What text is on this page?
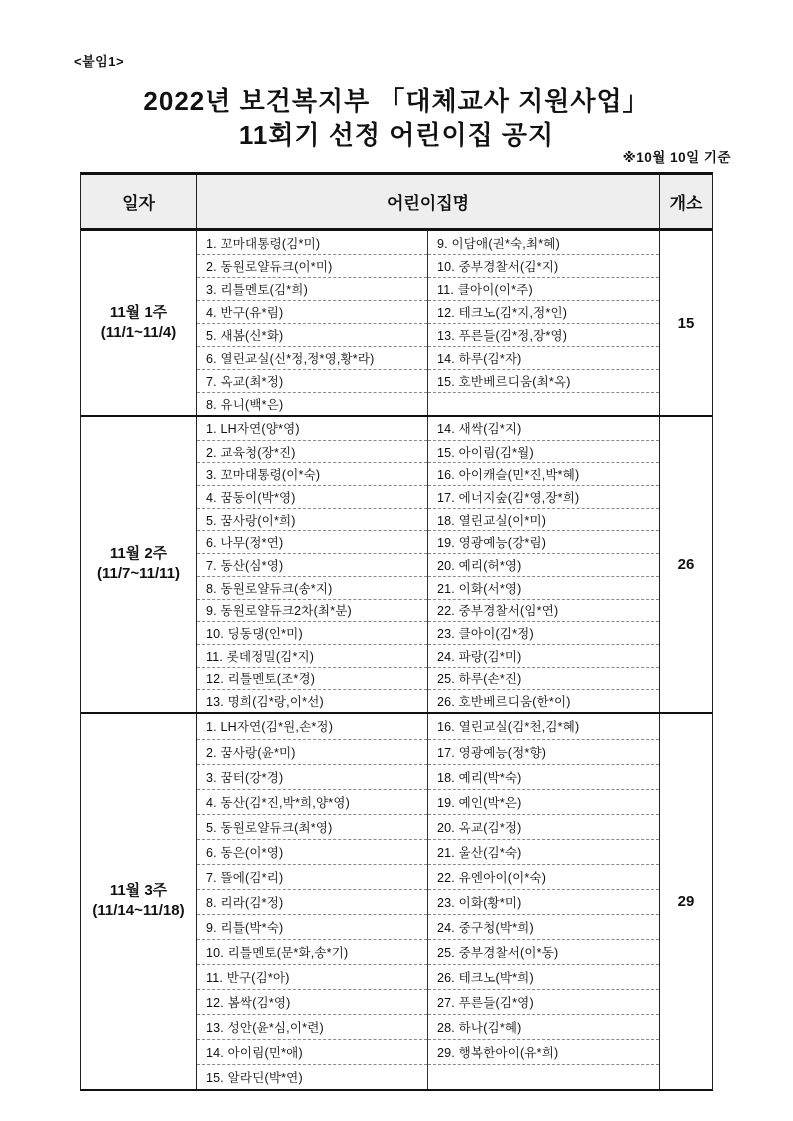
<붙임1>
2022년 보건복지부 「대체교사 지원사업」
11회기 선정 어린이집 공지
※10월 10일 기준
일자	어린이집명	개소
11월 1주
(11/1~11/4)
1. 꼬마대통령(김*미)
2. 동원로얄듀크(이*미)
3. 리틀멘토(김*희)
4. 반구(유*림)
5. 새봄(신*화)
6. 열린교실(신*정,정*영,황*라)
7. 옥교(최*정)
8. 유니(백*은)
9. 이담애(권*숙,최*혜)
10. 중부경찰서(김*지)
11. 클아이(이*주)
12. 테크노(김*지,정*인)
13. 푸른들(김*정,장*영)
14. 하루(김*자)
15. 호반베르디움(최*옥)
15
11월 2주
(11/7~11/11)
1. LH자연(양*영)
2. 교육청(장*진)
3. 꼬마대통령(이*숙)
4. 꿈동이(박*영)
5. 꿈사랑(이*희)
6. 나무(정*연)
7. 동산(심*영)
8. 동원로얄듀크(송*지)
9. 동원로얄듀크2차(최*분)
10. 딩동댕(인*미)
11. 롯데정밀(김*지)
12. 리틀멘토(조*경)
13. 명희(김*랑,이*선)
14. 새싹(김*지)
15. 아이림(김*월)
16. 아이캐슬(민*진,박*혜)
17. 에너지숲(김*영,장*희)
18. 열린교실(이*미)
19. 영광예능(강*림)
20. 예리(허*영)
21. 이화(서*영)
22. 중부경찰서(임*연)
23. 클아이(김*정)
24. 파랑(김*미)
25. 하루(손*진)
26. 호반베르디움(한*이)
26
11월 3주
(11/14~11/18)
1. LH자연(김*원,손*정)
2. 꿈사랑(윤*미)
3. 꿈터(강*경)
4. 동산(김*진,박*희,양*영)
5. 동원로얄듀크(최*영)
6. 동은(이*영)
7. 뜰에(김*리)
8. 리라(김*정)
9. 리틀(박*숙)
10. 리틀멘토(문*화,송*기)
11. 반구(김*아)
12. 봄싹(김*영)
13. 성안(윤*심,이*련)
14. 아이림(민*애)
15. 알라딘(박*연)
16. 열린교실(김*천,김*혜)
17. 영광예능(정*향)
18. 예리(박*숙)
19. 예인(박*은)
20. 옥교(김*정)
21. 울산(김*숙)
22. 유엔아이(이*숙)
23. 이화(황*미)
24. 중구청(박*희)
25. 중부경찰서(이*동)
26. 테크노(박*희)
27. 푸른들(김*영)
28. 하나(김*혜)
29. 행복한아이(유*희)
29
